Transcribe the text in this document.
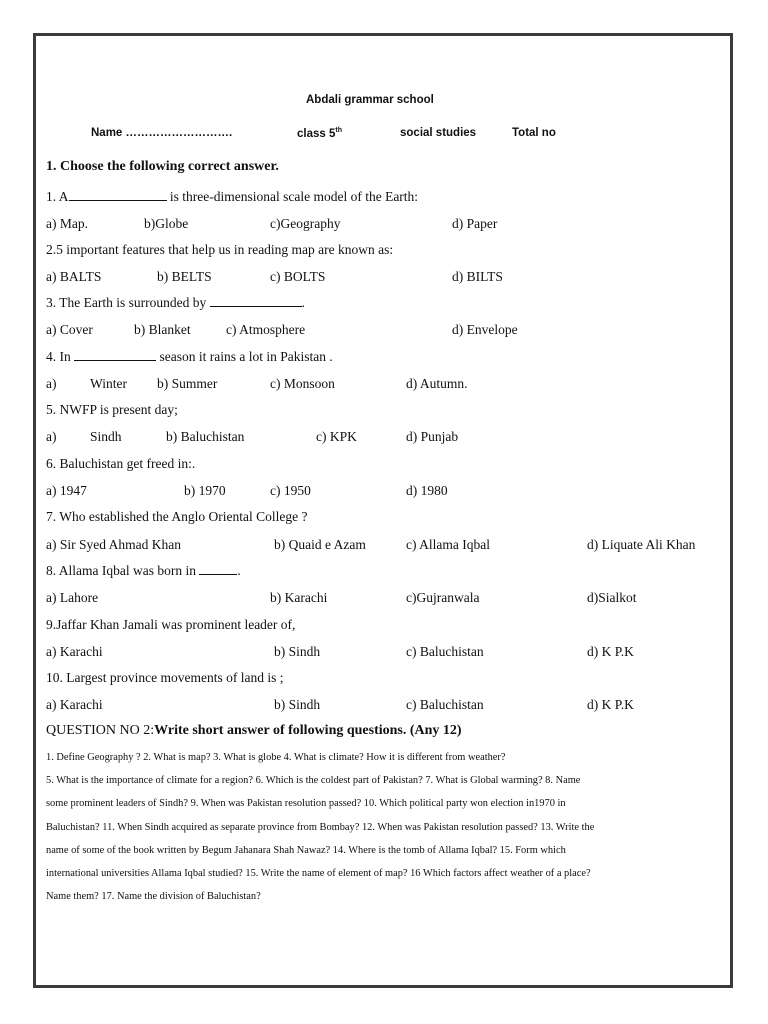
Abdali grammar school
Name ……………………….	class 5th	social studies	Total no
1. Choose the following correct answer.
1. A	is three-dimensional scale model of the Earth:
a) Map.	b)Globe	c)Geography	d) Paper
2.5 important features that help us in reading map are known as:
a) BALTS	b) BELTS	c) BOLTS	d) BILTS
3. The Earth is surrounded by	.
a) Cover	b) Blanket	c) Atmosphere	d) Envelope
4. In	season it rains a lot in Pakistan .
a) Winter b) Summer	c) Monsoon	d) Autumn.
5. NWFP is present day;
a) Sindh	b) Baluchistan	c) KPK	d) Punjab
6. Baluchistan get freed in:.
a) 1947	b) 1970	c) 1950	d) 1980
7. Who established the Anglo Oriental College ?
a) Sir Syed Ahmad Khan	b) Quaid e Azam	c) Allama Iqbal	d) Liquate Ali Khan
8. Allama Iqbal was born in	.
a) Lahore	b) Karachi	c)Gujranwala	d)Sialkot
9.Jaffar Khan Jamali was prominent leader of,
a) Karachi	b) Sindh	c) Baluchistan	d) K P.K
10. Largest province movements of land is ;
a) Karachi	b) Sindh	c) Baluchistan	d) K P.K
QUESTION NO 2:Write short answer of following questions. (Any 12)

1. Define Geography ? 2. What is map? 3. What is globe 4. What is climate? How it is different from weather?

5. What is the importance of climate for a region? 6. Which is the coldest part of Pakistan? 7. What is Global warming? 8. Name

some prominent leaders of Sindh? 9. When was Pakistan resolution passed? 10. Which political party won election in1970 in

Baluchistan? 11. When Sindh acquired as separate province from Bombay? 12. When was Pakistan resolution passed? 13. Write the

name of some of the book written by Begum Jahanara Shah Nawaz? 14. Where is the tomb of Allama Iqbal? 15. Form which

international universities Allama Iqbal studied? 15. Write the name of element of map? 16 Which factors affect weather of a place?

Name them? 17. Name the division of Baluchistan?
